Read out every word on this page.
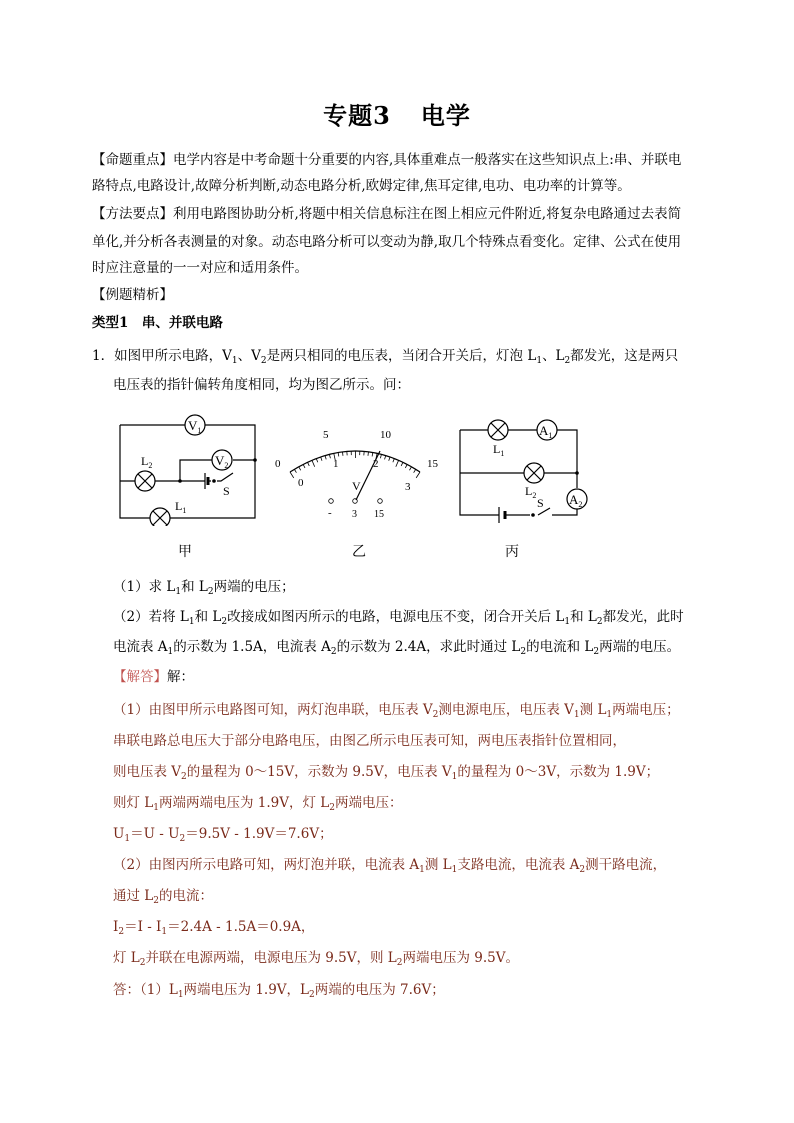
专题3 电学
【命题重点】电学内容是中考命题十分重要的内容,具体重难点一般落实在这些知识点上:串、并联电
路特点,电路设计,故障分析判断,动态电路分析,欧姆定律,焦耳定律,电功、电功率的计算等。
【方法要点】利用电路图协助分析,将题中相关信息标注在图上相应元件附近,将复杂电路通过去表简
单化,并分析各表测量的对象。动态电路分析可以变动为静,取几个特殊点看变化。定律、公式在使用
时应注意量的一一对应和适用条件。
【例题精析】
类型1　串、并联电路
1．如图甲所示电路，$V_1$、$V_2$是两只相同的电压表，当闭合开关后，灯泡 $L_1$、$L_2$都发光，这是两只
电压表的指针偏转角度相同，均为图乙所示。问：
$V_1$
$V_2$
$L_2$
$L_1$
S
5	10
0	15
1	2
0	3
V
- 3 15
$A_1$
$A_2$
$L_1$
$L_2$
S
甲	乙	丙
（1）求 $L_1$和 $L_2$两端的电压；
（2）若将 $L_1$和 $L_2$改接成如图丙所示的电路，电源电压不变，闭合开关后 $L_1$和 $L_2$都发光，此时
电流表 $A_1$的示数为 1.5A，电流表 $A_2$的示数为 2.4A，求此时通过 $L_2$的电流和 $L_2$两端的电压。
【解答】解：
（1）由图甲所示电路图可知，两灯泡串联，电压表 $V_2$测电源电压，电压表 $V_1$测 $L_1$两端电压；
串联电路总电压大于部分电路电压，由图乙所示电压表可知，两电压表指针位置相同，
则电压表 $V_2$的量程为 0～15V，示数为 9.5V，电压表 $V_1$的量程为 0～3V，示数为 1.9V；
则灯 $L_1$两端两端电压为 1.9V，灯 $L_2$两端电压：
$U_1=U - U_2=9.5V - 1.9V=7.6V$；
（2）由图丙所示电路可知，两灯泡并联，电流表 $A_1$测 $L_1$支路电流，电流表 $A_2$测干路电流，
通过 $L_2$的电流：
$I_2=I - I_1=2.4A - 1.5A=0.9A$，
灯 $L_2$并联在电源两端，电源电压为 9.5V，则 $L_2$两端电压为 9.5V。
答：$(1)L_1$两端电压为 1.9V，$L_2$两端的电压为 7.6V；
